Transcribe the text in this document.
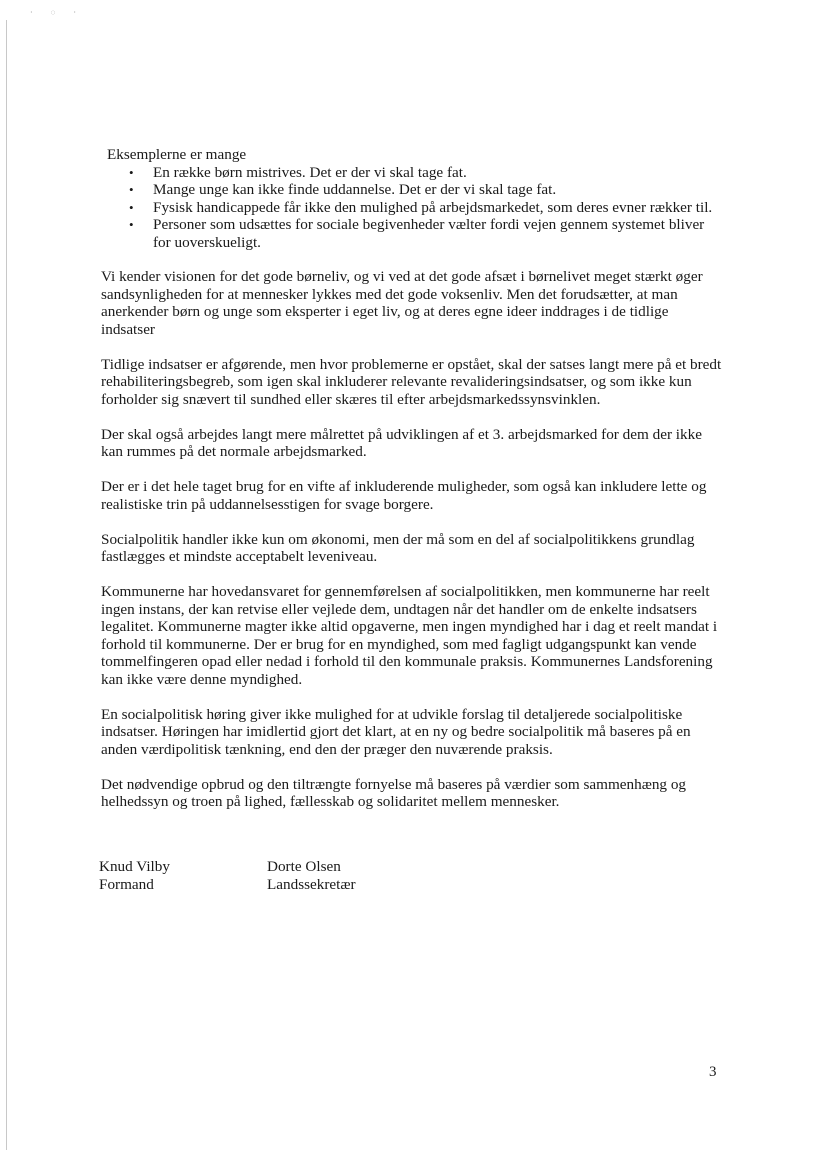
· ◌ ·

Eksemplerne er mange

• En række børn mistrives. Det er der vi skal tage fat.
• Mange unge kan ikke finde uddannelse. Det er der vi skal tage fat.
• Fysisk handicappede får ikke den mulighed på arbejdsmarkedet, som deres evner rækker til.
• Personer som udsættes for sociale begivenheder vælter fordi vejen gennem systemet bliver for uoverskueligt.

Vi kender visionen for det gode børneliv, og vi ved at det gode afsæt i børnelivet meget stærkt øger sandsynligheden for at mennesker lykkes med det gode voksenliv. Men det forudsætter, at man anerkender børn og unge som eksperter i eget liv, og at deres egne ideer inddrages i de tidlige indsatser

Tidlige indsatser er afgørende, men hvor problemerne er opstået, skal der satses langt mere på et bredt rehabiliteringsbegreb, som igen skal inkluderer relevante revalideringsindsatser, og som ikke kun forholder sig snævert til sundhed eller skæres til efter arbejdsmarkedssynsvinklen.

Der skal også arbejdes langt mere målrettet på udviklingen af et 3. arbejdsmarked for dem der ikke kan rummes på det normale arbejdsmarked.

Der er i det hele taget brug for en vifte af inkluderende muligheder, som også kan inkludere lette og realistiske trin på uddannelsesstigen for svage borgere.

Socialpolitik handler ikke kun om økonomi, men der må som en del af socialpolitikkens grundlag fastlægges et mindste acceptabelt leveniveau.

Kommunerne har hovedansvaret for gennemførelsen af socialpolitikken, men kommunerne har reelt ingen instans, der kan retvise eller vejlede dem, undtagen når det handler om de enkelte indsatsers legalitet. Kommunerne magter ikke altid opgaverne, men ingen myndighed har i dag et reelt mandat i forhold til kommunerne. Der er brug for en myndighed, som med fagligt udgangspunkt kan vende tommelfingeren opad eller nedad i forhold til den kommunale praksis. Kommunernes Landsforening kan ikke være denne myndighed.

En socialpolitisk høring giver ikke mulighed for at udvikle forslag til detaljerede socialpolitiske indsatser. Høringen har imidlertid gjort det klart, at en ny og bedre socialpolitik må baseres på en anden værdipolitisk tænkning, end den der præger den nuværende praksis.

Det nødvendige opbrud og den tiltrængte fornyelse må baseres på værdier som sammenhæng og helhedssyn og troen på lighed, fællesskab og solidaritet mellem mennesker.

Knud Vilby
Formand
Dorte Olsen
Landssekretær
3
